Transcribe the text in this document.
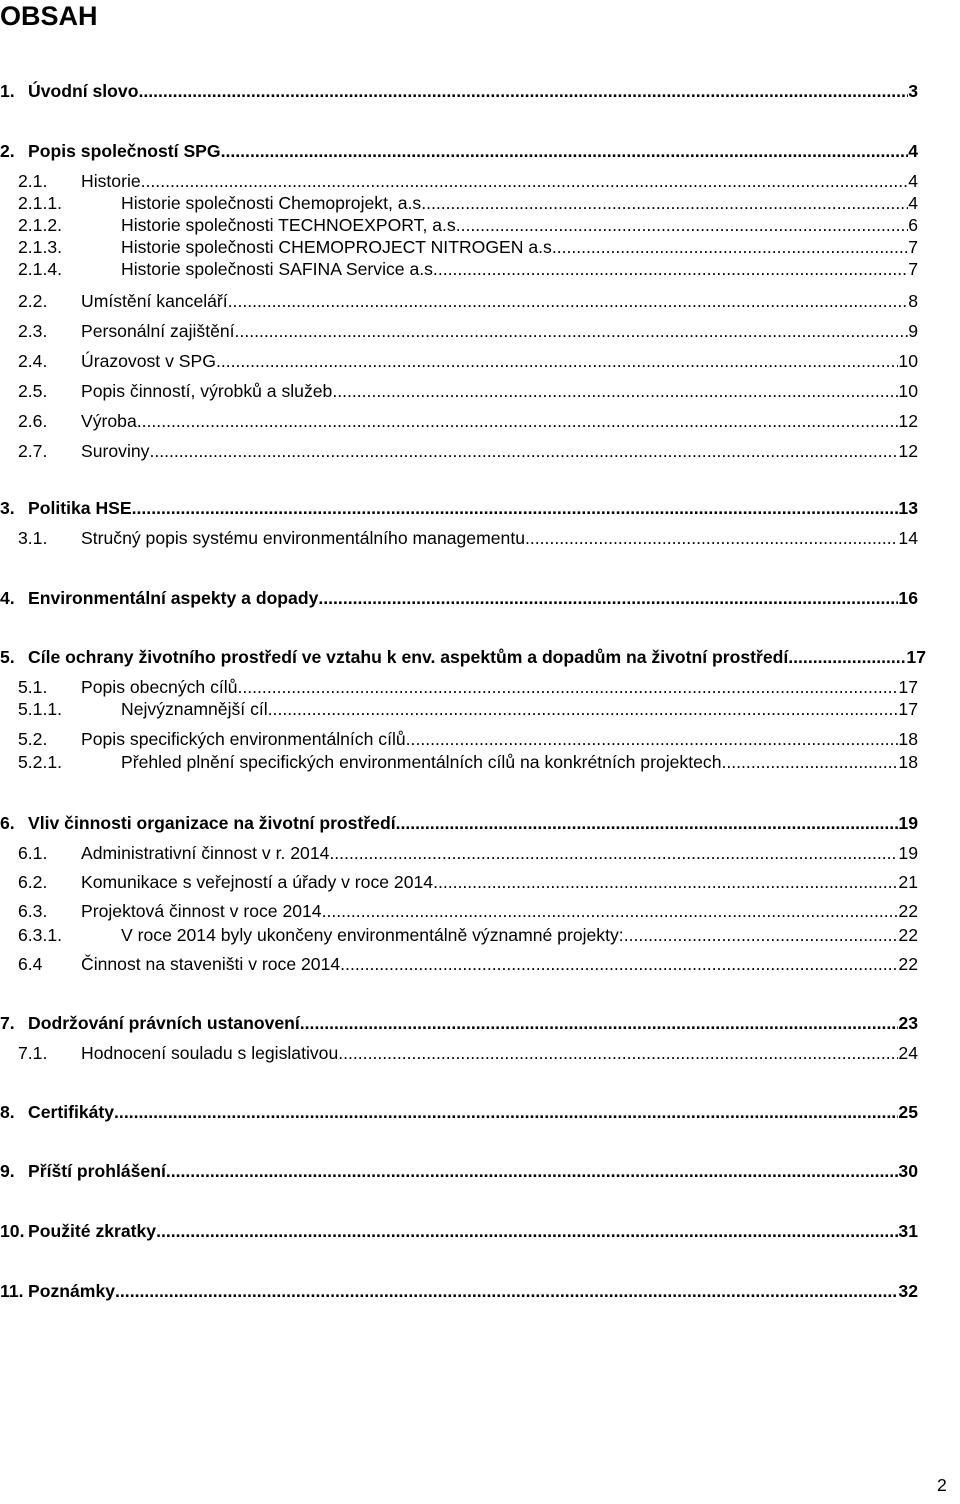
OBSAH
1. Úvodní slovo .....	3
2. Popis společností SPG .....	4
2.1. Historie .....	4
2.1.1.	Historie společnosti Chemoprojekt, a.s. .....	4
2.1.2.	Historie společnosti TECHNOEXPORT, a.s. .....	6
2.1.3.	Historie společnosti CHEMOPROJECT NITROGEN a.s. .....	7
2.1.4.	Historie společnosti SAFINA Service a.s. .....	7
2.2. Umístění kanceláří .....	8
2.3. Personální zajištění .....	9
2.4. Úrazovost v SPG .....	10
2.5. Popis činností, výrobků a služeb .....	10
2.6. Výroba .....	12
2.7. Suroviny .....	12
3. Politika HSE .....	13
3.1. Stručný popis systému environmentálního managementu .....	14
4. Environmentální aspekty a dopady .....	16
5. Cíle ochrany životního prostředí ve vztahu k env. aspektům a dopadům na životní prostředí .....	17
5.1. Popis obecných cílů .....	17
5.1.1.	Nejvýznamnější cíl .....	17
5.2. Popis specifických environmentálních cílů .....	18
5.2.1.	Přehled plnění specifických environmentálních cílů na konkrétních projektech .....	18
6. Vliv činnosti organizace na životní prostředí .....	19
6.1. Administrativní činnost v r. 2014 .....	19
6.2. Komunikace s veřejností a úřady v roce 2014 .....	21
6.3. Projektová činnost v roce 2014 .....	22
6.3.1.	V roce 2014 byly ukončeny environmentálně významné projekty: .....	22
6.4 Činnost na staveništi v roce 2014 .....	22
7. Dodržování právních ustanovení .....	23
7.1. Hodnocení souladu s legislativou .....	24
8. Certifikáty .....	25
9. Příští prohlášení .....	30
10. Použité zkratky .....	31
11. Poznámky .....	32

2
